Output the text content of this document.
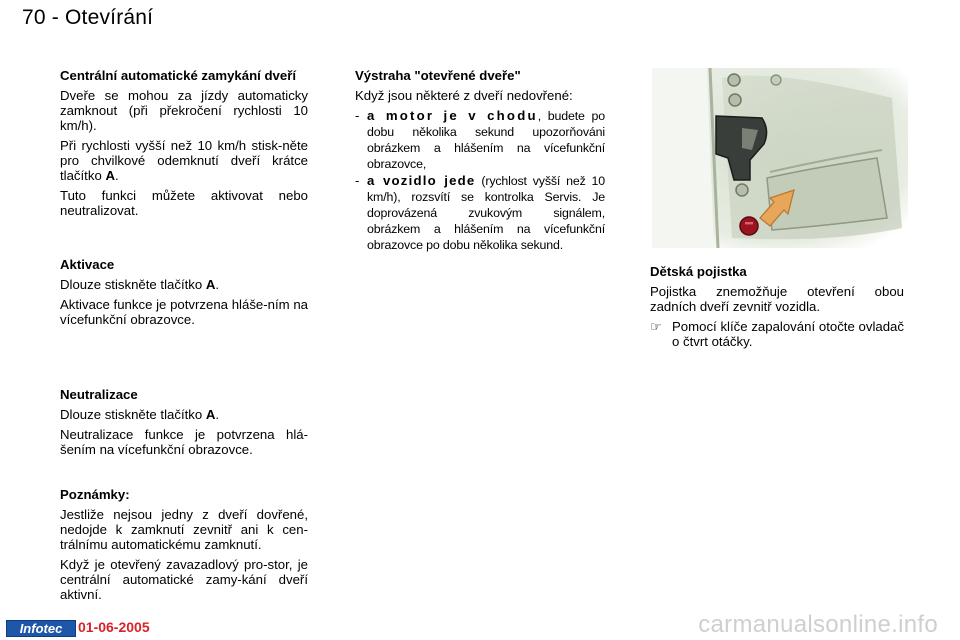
70 - Otevírání

Centrální automatické zamykání dveří

Dveře se mohou za jízdy automaticky zamknout (při překročení rychlosti 10 km/h).

Při rychlosti vyšší než 10 km/h stisk-něte pro chvilkové odemknutí dveří krátce tlačítko A.

Tuto funkci můžete aktivovat nebo neutralizovat.

Aktivace

Dlouze stiskněte tlačítko A.

Aktivace funkce je potvrzena hláše-ním na vícefunkční obrazovce.

Neutralizace

Dlouze stiskněte tlačítko A.

Neutralizace funkce je potvrzena hlá-šením na vícefunkční obrazovce.

Poznámky:

Jestliže nejsou jedny z dveří dovřené, nedojde k zamknutí zevnitř ani k cen-trálnímu automatickému zamknutí.

Když je otevřený zavazadlový pro-stor, je centrální automatické zamy-kání dveří aktivní.

Výstraha "otevřené dveře"

Když jsou některé z dveří nedovřené:

- a motor je v chodu, budete po dobu několika sekund upozorňováni obrázkem a hlášením na vícefunkční obrazovce,
- a vozidlo jede (rychlost vyšší než 10 km/h), rozsvítí se kontrolka Servis. Je doprovázená zvukovým signálem, obrázkem a hlášením na vícefunkční obrazovce po dobu několika sekund.

Dětská pojistka

Pojistka znemožňuje otevření obou zadních dveří zevnitř vozidla.

☞ Pomocí klíče zapalování otočte ovladač o čtvrt otáčky.
Infotec	01-06-2005	carmanualsonline.info
